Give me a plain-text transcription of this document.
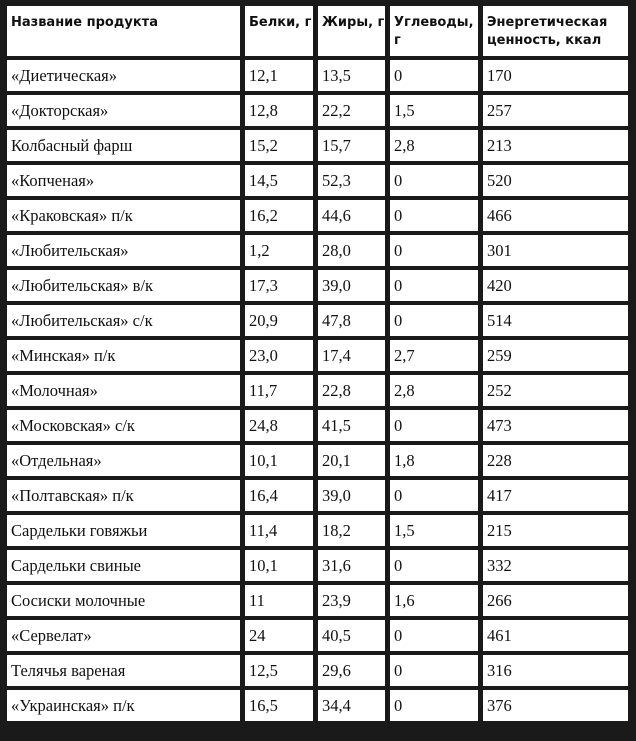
Название продукта	Белки, г	Жиры, г	Углеводы, г	Энергетическая ценность, ккал
«Диетическая»	12,1	13,5	0	170
«Докторская»	12,8	22,2	1,5	257
Колбасный фарш	15,2	15,7	2,8	213
«Копченая»	14,5	52,3	0	520
«Краковская» п/к	16,2	44,6	0	466
«Любительская»	1,2	28,0	0	301
«Любительская» в/к	17,3	39,0	0	420
«Любительская» с/к	20,9	47,8	0	514
«Минская» п/к	23,0	17,4	2,7	259
«Молочная»	11,7	22,8	2,8	252
«Московская» с/к	24,8	41,5	0	473
«Отдельная»	10,1	20,1	1,8	228
«Полтавская» п/к	16,4	39,0	0	417
Сардельки говяжьи	11,4	18,2	1,5	215
Сардельки свиные	10,1	31,6	0	332
Сосиски молочные	11	23,9	1,6	266
«Сервелат»	24	40,5	0	461
Телячья вареная	12,5	29,6	0	316
«Украинская» п/к	16,5	34,4	0	376
